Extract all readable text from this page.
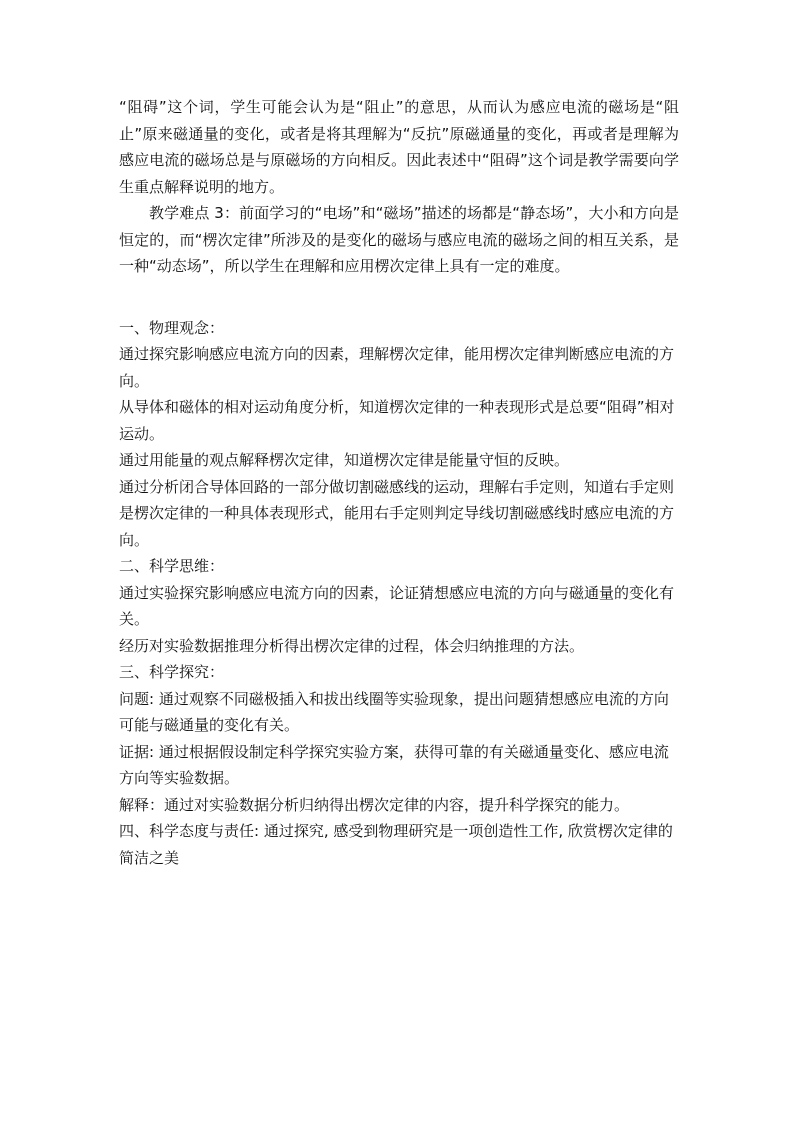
“阻碍”这个词，学生可能会认为是“阻止”的意思，从而认为感应电流的磁场是“阻止”原来磁通量的变化，或者是将其理解为“反抗”原磁通量的变化，再或者是理解为感应电流的磁场总是与原磁场的方向相反。因此表述中“阻碍”这个词是教学需要向学生重点解释说明的地方。

教学难点 3：前面学习的“电场”和“磁场”描述的场都是“静态场”，大小和方向是恒定的，而“楞次定律”所涉及的是变化的磁场与感应电流的磁场之间的相互关系，是一种“动态场”，所以学生在理解和应用楞次定律上具有一定的难度。

一、物理观念：

通过探究影响感应电流方向的因素，理解楞次定律，能用楞次定律判断感应电流的方向。

从导体和磁体的相对运动角度分析，知道楞次定律的一种表现形式是总要“阻碍”相对运动。

通过用能量的观点解释楞次定律，知道楞次定律是能量守恒的反映。

通过分析闭合导体回路的一部分做切割磁感线的运动，理解右手定则，知道右手定则是楞次定律的一种具体表现形式，能用右手定则判定导线切割磁感线时感应电流的方向。

二、科学思维：

通过实验探究影响感应电流方向的因素，论证猜想感应电流的方向与磁通量的变化有关。

经历对实验数据推理分析得出楞次定律的过程，体会归纳推理的方法。

三、科学探究：

问题: 通过观察不同磁极插入和拔出线圈等实验现象，提出问题猜想感应电流的方向可能与磁通量的变化有关。

证据: 通过根据假设制定科学探究实验方案，获得可靠的有关磁通量变化、感应电流方向等实验数据。

解释：通过对实验数据分析归纳得出楞次定律的内容，提升科学探究的能力。

四、科学态度与责任: 通过探究, 感受到物理研究是一项创造性工作, 欣赏楞次定律的简洁之美
